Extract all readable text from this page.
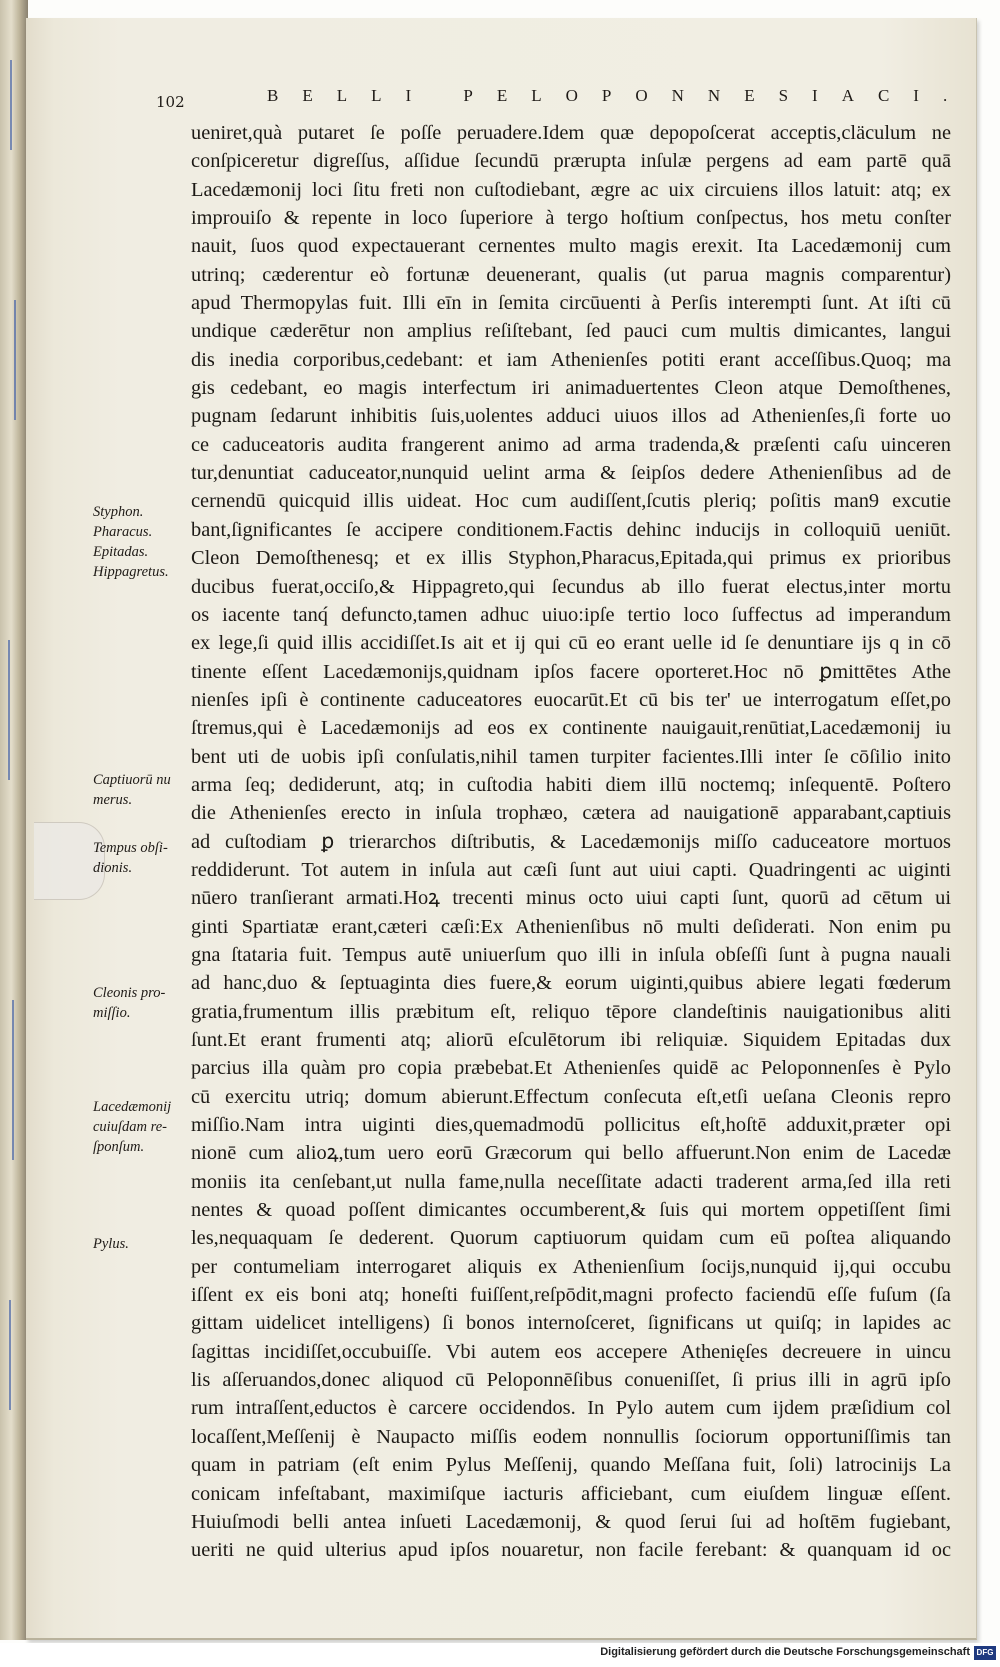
102	BELLI PELOPONNESIACI.
ueniret,quà putaret ſe poſſe peruadere.Idem quæ depopoſcerat acceptis,cläculum ne
conſpiceretur digreſſus, aſſidue ſecundū prærupta inſulæ pergens ad eam partē quā
Lacedæmonij loci ſitu freti non cuſtodiebant, ægre ac uix circuiens illos latuit: atq; ex
improuiſo & repente in loco ſuperiore à tergo hoſtium conſpectus, hos metu conſter
nauit, ſuos quod expectauerant cernentes multo magis erexit. Ita Lacedæmonij cum
utrinq; cæderentur eò fortunæ deuenerant, qualis (ut parua magnis comparentur)
apud Thermopylas fuit. Illi eīn in ſemita circūuenti à Perſis interempti ſunt. At iſti cū
undique cæderētur non amplius reſiſtebant, ſed pauci cum multis dimicantes, langui
dis inedia corporibus,cedebant: et iam Athenienſes potiti erant acceſſibus.Quoq; ma
gis cedebant, eo magis interfectum iri animaduertentes Cleon atque Demoſthenes,
pugnam ſedarunt inhibitis ſuis,uolentes adduci uiuos illos ad Athenienſes,ſi forte uo
ce caduceatoris audita frangerent animo ad arma tradenda,& præſenti caſu uinceren
tur,denuntiat caduceator,nunquid uelint arma & ſeipſos dedere Athenienſibus ad de
cernendū quicquid illis uideat. Hoc cum audiſſent,ſcutis pleriq; poſitis man9 excutie
bant,ſignificantes ſe accipere conditionem.Factis dehinc inducijs in colloquiū ueniūt.
Cleon Demoſthenesq; et ex illis Styphon,Pharacus,Epitada,qui primus ex prioribus
ducibus fuerat,occiſo,& Hippagreto,qui ſecundus ab illo fuerat electus,inter mortu
os iacente tanq́ defuncto,tamen adhuc uiuo:ipſe tertio loco ſuffectus ad imperandum
ex lege,ſi quid illis accidiſſet.Is ait et ij qui cū eo erant uelle id ſe denuntiare ijs q in cō
tinente eſſent Lacedæmonijs,quidnam ipſos facere oporteret.Hoc nō ꝑmittētes Athe
nienſes ipſi è continente caduceatores euocarūt.Et cū bis ter' ue interrogatum eſſet,po
ſtremus,qui è Lacedæmonijs ad eos ex continente nauigauit,renūtiat,Lacedæmonij iu
bent uti de uobis ipſi conſulatis,nihil tamen turpiter facientes.Illi inter ſe cōſilio inito
arma ſeq; dediderunt, atq; in cuſtodia habiti diem illū noctemq; inſequentē. Poſtero
die Athenienſes erecto in inſula trophæo, cætera ad nauigationē apparabant,captiuis
ad cuſtodiam ꝑ trierarchos diſtributis, & Lacedæmonijs miſſo caduceatore mortuos
reddiderunt. Tot autem in inſula aut cæſi ſunt aut uiui capti. Quadringenti ac uiginti
nūero tranſierant armati.Hoꝝ trecenti minus octo uiui capti ſunt, quorū ad cētum ui
ginti Spartiatæ erant,cæteri cæſi:Ex Athenienſibus nō multi deſiderati. Non enim pu
gna ſtataria fuit. Tempus autē uniuerſum quo illi in inſula obſeſſi ſunt à pugna nauali
ad hanc,duo & ſeptuaginta dies fuere,& eorum uiginti,quibus abiere legati fœderum
gratia,frumentum illis præbitum eſt, reliquo tēpore clandeſtinis nauigationibus aliti
ſunt.Et erant frumenti atq; aliorū eſculētorum ibi reliquiæ. Siquidem Epitadas dux
parcius illa quàm pro copia præbebat.Et Athenienſes quidē ac Peloponnenſes è Pylo
cū exercitu utriq; domum abierunt.Effectum conſecuta eſt,etſi ueſana Cleonis repro
miſſio.Nam intra uiginti dies,quemadmodū pollicitus eſt,hoſtē adduxit,præter opi
nionē cum alioꝝ,tum uero eorū Græcorum qui bello affuerunt.Non enim de Lacedæ
moniis ita cenſebant,ut nulla fame,nulla neceſſitate adacti traderent arma,ſed illa reti
nentes & quoad poſſent dimicantes occumberent,& ſuis qui mortem oppetiſſent ſimi
les,nequaquam ſe dederent. Quorum captiuorum quidam cum eū poſtea aliquando
per contumeliam interrogaret aliquis ex Athenienſium ſocijs,nunquid ij,qui occubu
iſſent ex eis boni atq; honeſti fuiſſent,reſpōdit,magni profecto faciendū eſſe fuſum (ſa
gittam uidelicet intelligens) ſi bonos internoſceret, ſignificans ut quiſq; in lapides ac
ſagittas incidiſſet,occubuiſſe. Vbi autem eos accepere Athenięſes decreuere in uincu
lis aſſeruandos,donec aliquod cū Peloponnēſibus conueniſſet, ſi prius illi in agrū ipſo
rum intraſſent,eductos è carcere occidendos. In Pylo autem cum ijdem præſidium col
locaſſent,Meſſenij è Naupacto miſſis eodem nonnullis ſociorum opportuniſſimis tan
quam in patriam (eſt enim Pylus Meſſenij, quando Meſſana fuit, ſoli) latrocinijs La
conicam infeſtabant, maximiſque iacturis afficiebant, cum eiuſdem linguæ eſſent.
Huiuſmodi belli antea inſueti Lacedæmonij, & quod ſerui ſui ad hoſtēm fugiebant,
ueriti ne quid ulterius apud ipſos nouaretur, non facile ferebant: & quanquam id oc
Styphon.
Pharacus.
Epitadas.
Hippagretus.
Captiuorū nu
merus.
Tempus obſi-
dionis.
Cleonis pro-
miſſio.
Lacedæmonij
cuiuſdam re-
ſponſum.
Pylus.
Digitalisierung gefördert durch die Deutsche Forschungsgemeinschaft DFG
